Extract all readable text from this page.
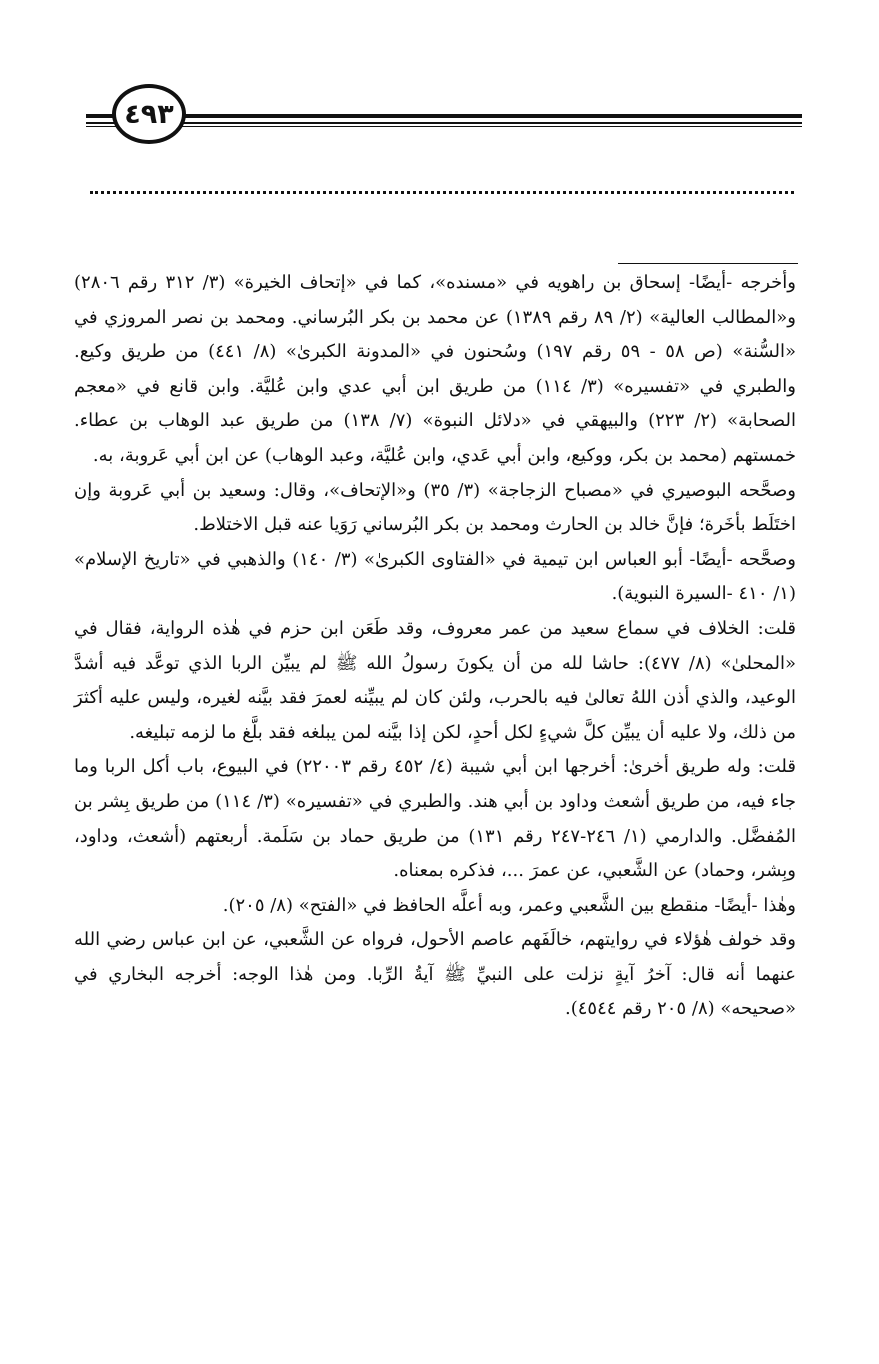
٤٩٣

وأخرجه -أيضًا- إسحاق بن راهويه في «مسنده»، كما في «إتحاف الخيرة» (٣/ ٣١٢ رقم ٢٨٠٦) و«المطالب العالية» (٢/ ٨٩ رقم ١٣٨٩) عن محمد بن بكر البُرساني. ومحمد بن نصر المروزي في «السُّنة» (ص ٥٨ - ٥٩ رقم ١٩٧) وسُحنون في «المدونة الكبرىٰ» (٨/ ٤٤١) من طريق وكيع. والطبري في «تفسيره» (٣/ ١١٤) من طريق ابن أبي عدي وابن عُليَّة. وابن قانع في «معجم الصحابة» (٢/ ٢٢٣) والبيهقي في «دلائل النبوة» (٧/ ١٣٨) من طريق عبد الوهاب بن عطاء. خمستهم (محمد بن بكر، ووكيع، وابن أبي عَدي، وابن عُليَّة، وعبد الوهاب) عن ابن أبي عَروبة، به.

وصحَّحه البوصيري في «مصباح الزجاجة» (٣/ ٣٥) و«الإتحاف»، وقال: وسعيد بن أبي عَروبة وإن اختَلَط بأخَرة؛ فإنَّ خالد بن الحارث ومحمد بن بكر البُرساني رَوَيا عنه قبل الاختلاط.

وصحَّحه -أيضًا- أبو العباس ابن تيمية في «الفتاوى الكبرىٰ» (٣/ ١٤٠) والذهبي في «تاريخ الإسلام» (١/ ٤١٠ -السيرة النبوية).

قلت: الخلاف في سماع سعيد من عمر معروف، وقد طَعَن ابن حزم في هٰذه الرواية، فقال في «المحلىٰ» (٨/ ٤٧٧): حاشا لله من أن يكونَ رسولُ الله ﷺ لم يبيِّن الربا الذي توعَّد فيه أشدَّ الوعيد، والذي أذن اللهُ تعالىٰ فيه بالحرب، ولئن كان لم يبيِّنه لعمرَ فقد بيَّنه لغيره، وليس عليه أكثرَ من ذلك، ولا عليه أن يبيِّن كلَّ شيءٍ لكل أحدٍ، لكن إذا بيَّنه لمن يبلغه فقد بلَّغ ما لزمه تبليغه.

قلت: وله طريق أخرىٰ: أخرجها ابن أبي شيبة (٤/ ٤٥٢ رقم ٢٢٠٠٣) في البيوع، باب أكل الربا وما جاء فيه، من طريق أشعث وداود بن أبي هند. والطبري في «تفسيره» (٣/ ١١٤) من طريق بِشر بن المُفضَّل. والدارمي (١/ ٢٤٦-٢٤٧ رقم ١٣١) من طريق حماد بن سَلَمة. أربعتهم (أشعث، وداود، وبِشر، وحماد) عن الشَّعبي، عن عمرَ ...، فذكره بمعناه.

وهٰذا -أيضًا- منقطع بين الشَّعبي وعمر، وبه أعلَّه الحافظ في «الفتح» (٨/ ٢٠٥).

وقد خولف هٰؤلاء في روايتهم، خالَفَهم عاصم الأحول، فرواه عن الشَّعبي، عن ابن عباس رضي الله عنهما أنه قال: آخرُ آيةٍ نزلت على النبيِّ ﷺ آيةُ الرِّبا. ومن هٰذا الوجه: أخرجه البخاري في «صحيحه» (٨/ ٢٠٥ رقم ٤٥٤٤).
